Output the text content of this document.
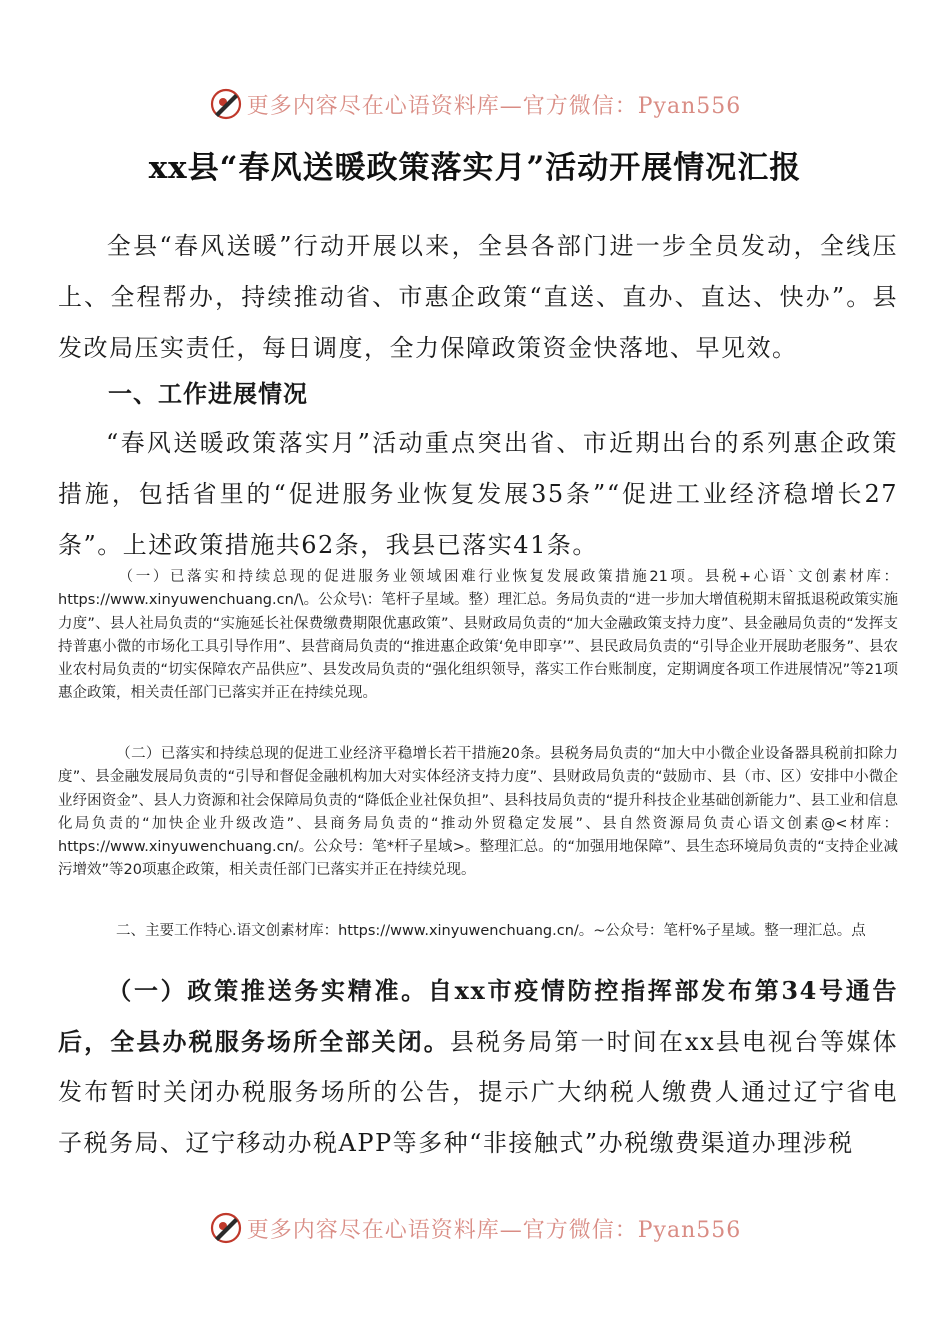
更多内容尽在心语资料库—官方微信：Pyan556
xx县“春风送暖政策落实月”活动开展情况汇报
全县“春风送暖”行动开展以来，全县各部门进一步全员发动，全线压上、全程帮办，持续推动省、市惠企政策“直送、直办、直达、快办”。县发改局压实责任，每日调度，全力保障政策资金快落地、早见效。
一、工作进展情况
“春风送暖政策落实月”活动重点突出省、市近期出台的系列惠企政策措施，包括省里的“促进服务业恢复发展35条”“促进工业经济稳增长27条”。上述政策措施共62条，我县已落实41条。
（一）已落实和持续总现的促进服务业领域困难行业恢复发展政策措施21项。县税+心语`文创素材库：https://www.xinyuwenchuang.cn/\。公众号\：笔杆子星域。整）理汇总。务局负责的“进一步加大增值税期末留抵退税政策实施力度”、县人社局负责的“实施延长社保费缴费期限优惠政策”、县财政局负责的“加大金融政策支持力度”、县金融局负责的“发挥支持普惠小微的市场化工具引导作用”、县营商局负责的“推进惠企政策‘免申即享’”、县民政局负责的“引导企业开展助老服务”、县农业农村局负责的“切实保障农产品供应”、县发改局负责的“强化组织领导，落实工作台账制度，定期调度各项工作进展情况”等21项惠企政策，相关责任部门已落实并正在持续兑现。
（二）已落实和持续总现的促进工业经济平稳增长若干措施20条。县税务局负责的“加大中小微企业设备器具税前扣除力度”、县金融发展局负责的“引导和督促金融机构加大对实体经济支持力度”、县财政局负责的“鼓励市、县（市、区）安排中小微企业纾困资金”、县人力资源和社会保障局负责的“降低企业社保负担”、县科技局负责的“提升科技企业基础创新能力”、县工业和信息化局负责的“加快企业升级改造”、县商务局负责的“推动外贸稳定发展”、县自然资源局负责心语文创素@<材库：https://www.xinyuwenchuang.cn/。公众号：笔*杆子星域>。整理汇总。的“加强用地保障”、县生态环境局负责的“支持企业减污增效”等20项惠企政策，相关责任部门已落实并正在持续兑现。
二、主要工作特心.语文创素材库：https://www.xinyuwenchuang.cn/。~公众号：笔杆%子星域。整一理汇总。点
（一）政策推送务实精准。自xx市疫情防控指挥部发布第34号通告后，全县办税服务场所全部关闭。县税务局第一时间在xx县电视台等媒体发布暂时关闭办税服务场所的公告，提示广大纳税人缴费人通过辽宁省电子税务局、辽宁移动办税APP等多种“非接触式”办税缴费渠道办理涉税
更多内容尽在心语资料库—官方微信：Pyan556
